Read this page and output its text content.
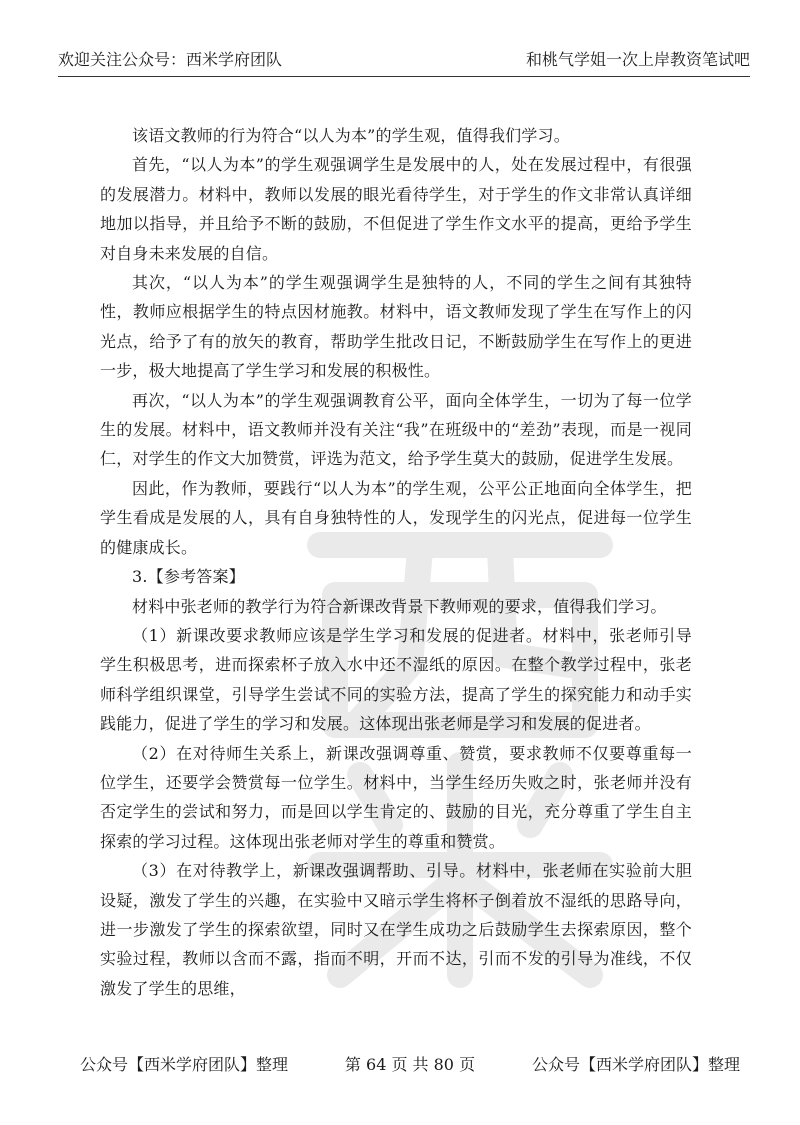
欢迎关注公众号：西米学府团队	和桃气学姐一次上岸教资笔试吧

该语文教师的行为符合“以人为本”的学生观，值得我们学习。

首先，“以人为本”的学生观强调学生是发展中的人，处在发展过程中，有很强的发展潜力。材料中，教师以发展的眼光看待学生，对于学生的作文非常认真详细地加以指导，并且给予不断的鼓励，不但促进了学生作文水平的提高，更给予学生对自身未来发展的自信。

其次，“以人为本”的学生观强调学生是独特的人，不同的学生之间有其独特性，教师应根据学生的特点因材施教。材料中，语文教师发现了学生在写作上的闪光点，给予了有的放矢的教育，帮助学生批改日记，不断鼓励学生在写作上的更进一步，极大地提高了学生学习和发展的积极性。

再次，“以人为本”的学生观强调教育公平，面向全体学生，一切为了每一位学生的发展。材料中，语文教师并没有关注“我”在班级中的“差劲”表现，而是一视同仁，对学生的作文大加赞赏，评选为范文，给予学生莫大的鼓励，促进学生发展。

因此，作为教师，要践行“以人为本”的学生观，公平公正地面向全体学生，把学生看成是发展的人，具有自身独特性的人，发现学生的闪光点，促进每一位学生的健康成长。

3.【参考答案】

材料中张老师的教学行为符合新课改背景下教师观的要求，值得我们学习。

（1）新课改要求教师应该是学生学习和发展的促进者。材料中，张老师引导学生积极思考，进而探索杯子放入水中还不湿纸的原因。在整个教学过程中，张老师科学组织课堂，引导学生尝试不同的实验方法，提高了学生的探究能力和动手实践能力，促进了学生的学习和发展。这体现出张老师是学习和发展的促进者。

（2）在对待师生关系上，新课改强调尊重、赞赏，要求教师不仅要尊重每一位学生，还要学会赞赏每一位学生。材料中，当学生经历失败之时，张老师并没有否定学生的尝试和努力，而是回以学生肯定的、鼓励的目光，充分尊重了学生自主探索的学习过程。这体现出张老师对学生的尊重和赞赏。

（3）在对待教学上，新课改强调帮助、引导。材料中，张老师在实验前大胆设疑，激发了学生的兴趣，在实验中又暗示学生将杯子倒着放不湿纸的思路导向，进一步激发了学生的探索欲望，同时又在学生成功之后鼓励学生去探索原因，整个实验过程，教师以含而不露，指而不明，开而不达，引而不发的引导为准线，不仅激发了学生的思维，

公众号【西米学府团队】整理	第 64 页 共 80 页	公众号【西米学府团队】整理
